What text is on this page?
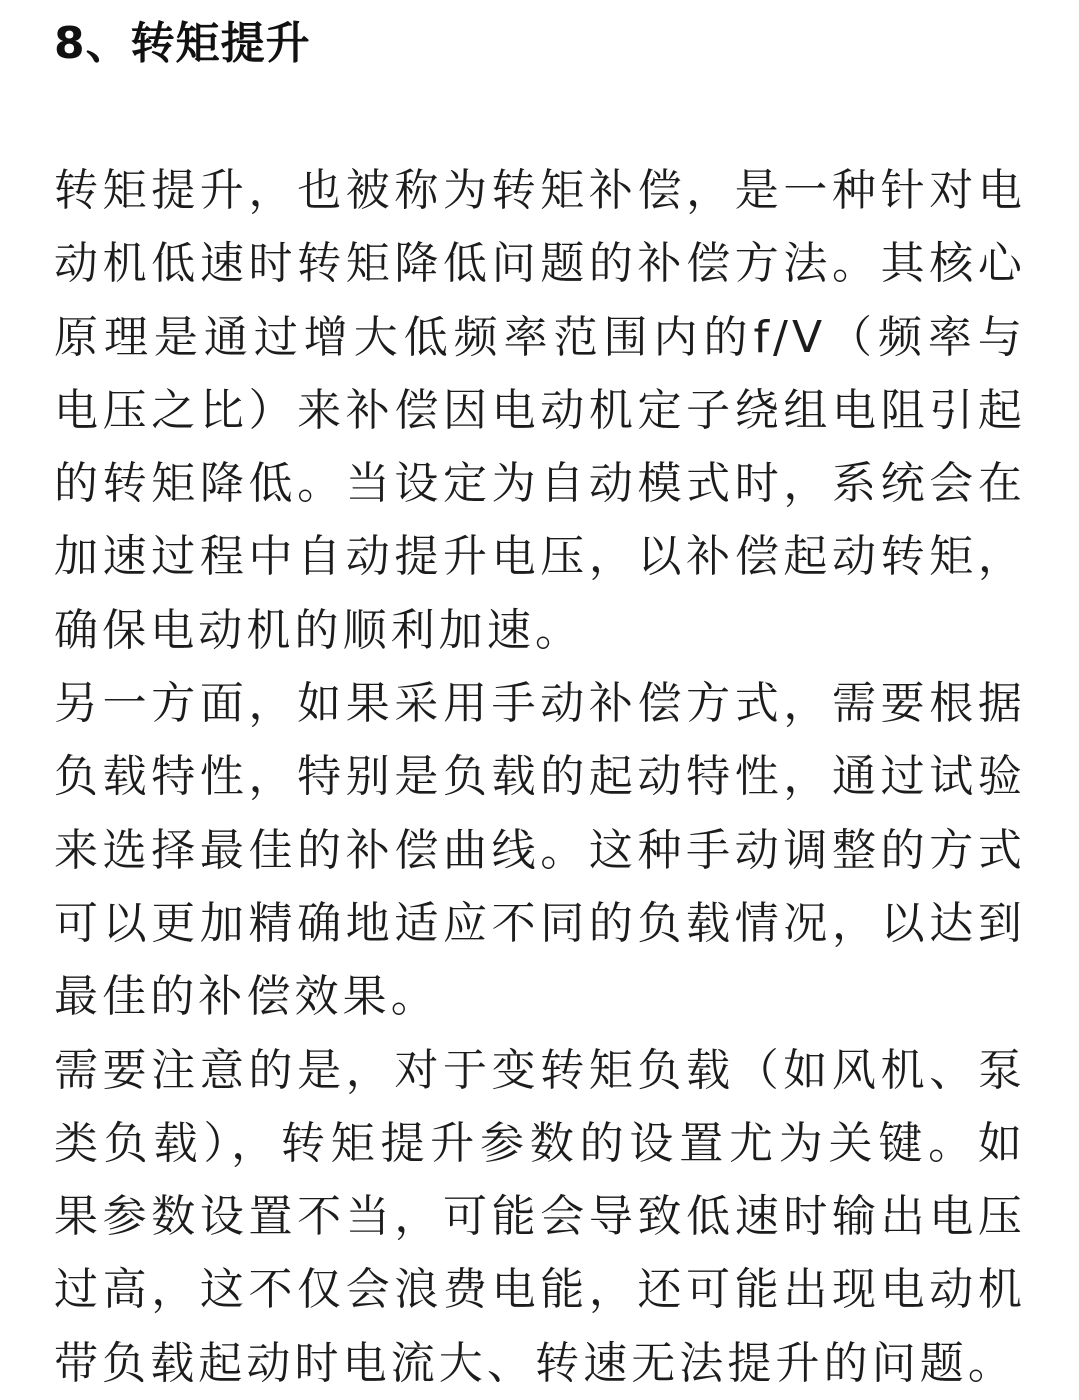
8、转矩提升

转矩提升，也被称为转矩补偿，是一种针对电动机低速时转矩降低问题的补偿方法。其核心原理是通过增大低频率范围内的f/V（频率与电压之比）来补偿因电动机定子绕组电阻引起的转矩降低。当设定为自动模式时，系统会在加速过程中自动提升电压，以补偿起动转矩，确保电动机的顺利加速。

另一方面，如果采用手动补偿方式，需要根据负载特性，特别是负载的起动特性，通过试验来选择最佳的补偿曲线。这种手动调整的方式可以更加精确地适应不同的负载情况，以达到最佳的补偿效果。

需要注意的是，对于变转矩负载（如风机、泵类负载），转矩提升参数的设置尤为关键。如果参数设置不当，可能会导致低速时输出电压过高，这不仅会浪费电能，还可能出现电动机带负载起动时电流大、转速无法提升的问题。
